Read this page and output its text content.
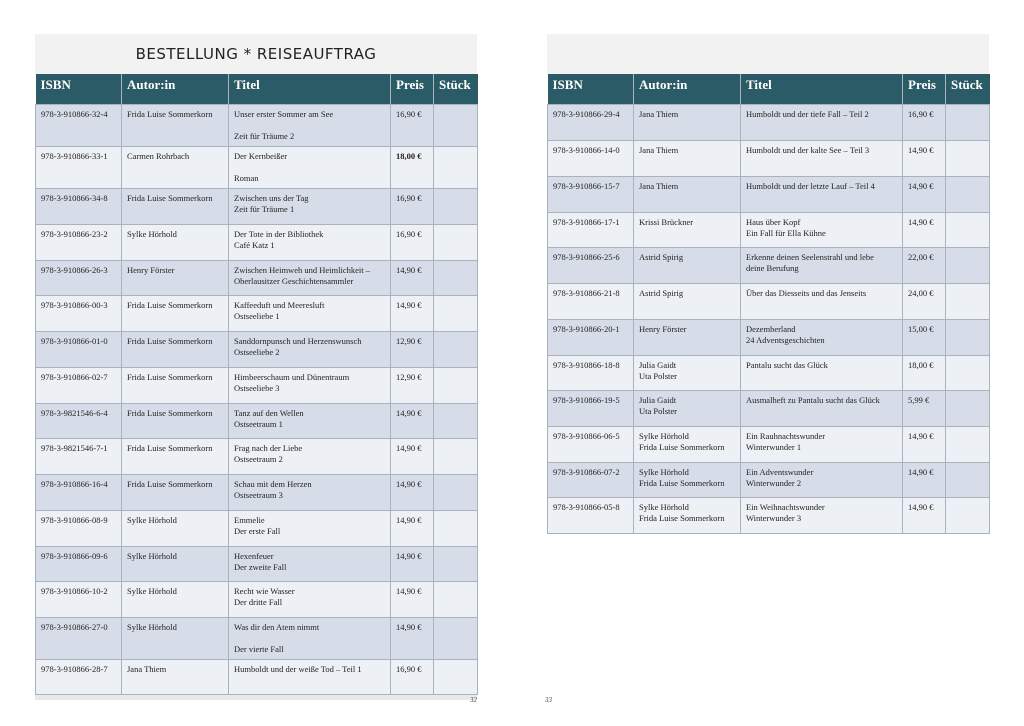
BESTELLUNG * REISEAUFTRAG
ISBN	Autor:in	Titel	Preis	Stück
978-3-910866-32-4	Frida Luise Sommerkorn	Unser erster Sommer am See
Zeit für Träume 2	16,90 €	
978-3-910866-33-1	Carmen Rohrbach	Der Kernbeißer
Roman	18,00 €	
978-3-910866-34-8	Frida Luise Sommerkorn	Zwischen uns der Tag
Zeit für Träume 1	16,90 €	
978-3-910866-23-2	Sylke Hörhold	Der Tote in der Bibliothek
Café Katz 1	16,90 €	
978-3-910866-26-3	Henry Förster	Zwischen Heimweh und Heimlichkeit –
Oberlausitzer Geschichtensammler	14,90 €	
978-3-910866-00-3	Frida Luise Sommerkorn	Kaffeeduft und Meeresluft
Ostseeliebe 1	14,90 €	
978-3-910866-01-0	Frida Luise Sommerkorn	Sanddornpunsch und Herzenswunsch
Ostseeliebe 2	12,90 €	
978-3-910866-02-7	Frida Luise Sommerkorn	Himbeerschaum und Dünentraum
Ostseeliebe 3	12,90 €	
978-3-9821546-6-4	Frida Luise Sommerkorn	Tanz auf den Wellen
Ostseetraum 1	14,90 €	
978-3-9821546-7-1	Frida Luise Sommerkorn	Frag nach der Liebe
Ostseetraum 2	14,90 €	
978-3-910866-16-4	Frida Luise Sommerkorn	Schau mit dem Herzen
Ostseetraum 3	14,90 €	
978-3-910866-08-9	Sylke Hörhold	Emmelie
Der erste Fall	14,90 €	
978-3-910866-09-6	Sylke Hörhold	Hexenfeuer
Der zweite Fall	14,90 €	
978-3-910866-10-2	Sylke Hörhold	Recht wie Wasser
Der dritte Fall	14,90 €	
978-3-910866-27-0	Sylke Hörhold	Was dir den Atem nimmt
Der vierte Fall	14,90 €	
978-3-910866-28-7	Jana Thiem	Humboldt und der weiße Tod – Teil 1	16,90 €	
ISBN	Autor:in	Titel	Preis	Stück
978-3-910866-29-4	Jana Thiem	Humboldt und der tiefe Fall – Teil 2	16,90 €	
978-3-910866-14-0	Jana Thiem	Humboldt und der kalte See – Teil 3	14,90 €	
978-3-910866-15-7	Jana Thiem	Humboldt und der letzte Lauf – Teil 4	14,90 €	
978-3-910866-17-1	Krissi Brückner	Haus über Kopf
Ein Fall für Ella Kühne	14,90 €	
978-3-910866-25-6	Astrid Spirig	Erkenne deinen Seelenstrahl und lebe
deine Berufung	22,00 €	
978-3-910866-21-8	Astrid Spirig	Über das Diesseits und das Jenseits	24,00 €	
978-3-910866-20-1	Henry Förster	Dezemberland
24 Adventsgeschichten	15,00 €	
978-3-910866-18-8	Julia Gaidt
Uta Polster	Pantalu sucht das Glück	18,00 €	
978-3-910866-19-5	Julia Gaidt
Uta Polster	Ausmalheft zu Pantalu sucht das Glück	5,99 €	
978-3-910866-06-5	Sylke Hörhold
Frida Luise Sommerkorn	Ein Rauhnachtswunder
Winterwunder 1	14,90 €	
978-3-910866-07-2	Sylke Hörhold
Frida Luise Sommerkorn	Ein Adventswunder
Winterwunder 2	14,90 €	
978-3-910866-05-8	Sylke Hörhold
Frida Luise Sommerkorn	Ein Weihnachtswunder
Winterwunder 3	14,90 €	
32	33
